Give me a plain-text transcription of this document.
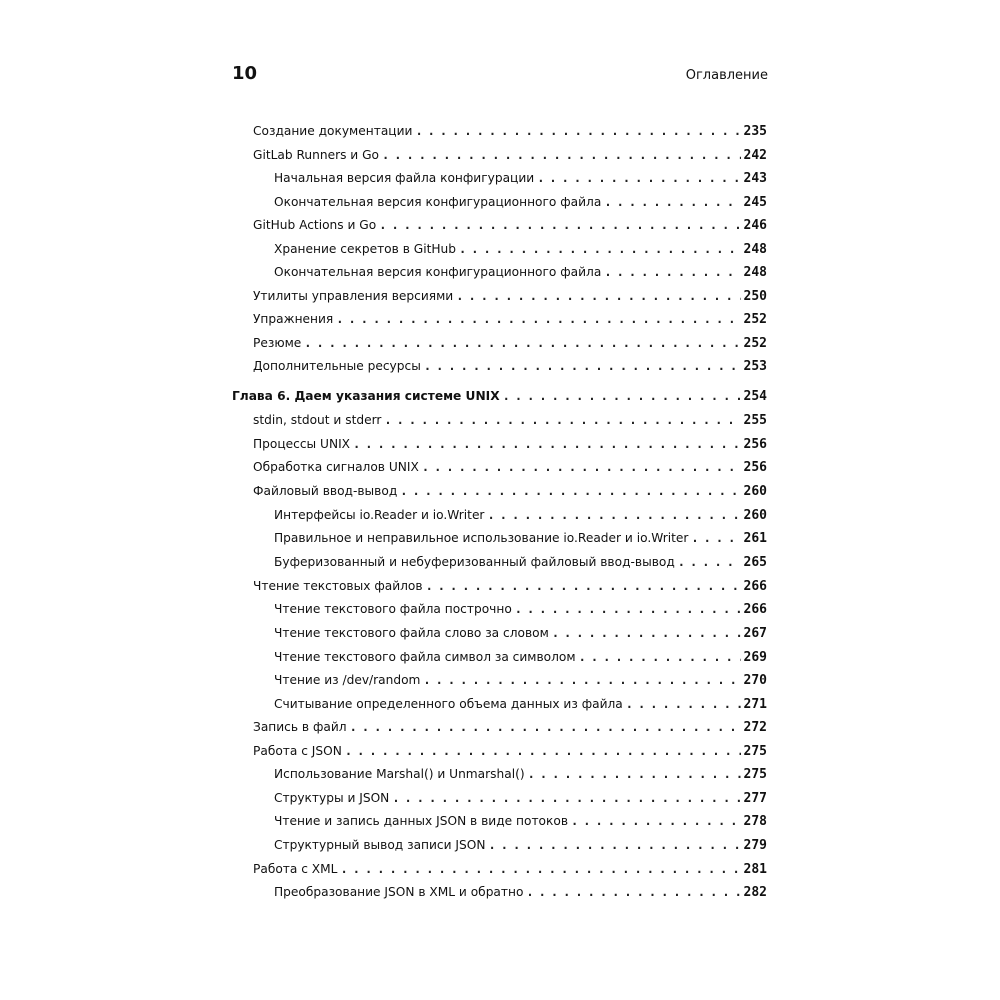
10	Оглавление
Создание документации . . .	235
GitLab Runners и Go . . .	242
Начальная версия файла конфигурации . . .	243
Окончательная версия конфигурационного файла . . .	245
GitHub Actions и Go . . .	246
Хранение секретов в GitHub . . .	248
Окончательная версия конфигурационного файла . . .	248
Утилиты управления версиями . . .	250
Упражнения . . .	252
Резюме . . .	252
Дополнительные ресурсы . . .	253
Глава 6. Даем указания системе UNIX . . .	254
stdin, stdout и stderr . . .	255
Процессы UNIX . . .	256
Обработка сигналов UNIX . . .	256
Файловый ввод-вывод . . .	260
Интерфейсы io.Reader и io.Writer . . .	260
Правильное и неправильное использование io.Reader и io.Writer . . .	261
Буферизованный и небуферизованный файловый ввод-вывод . . .	265
Чтение текстовых файлов . . .	266
Чтение текстового файла построчно . . .	266
Чтение текстового файла слово за словом . . .	267
Чтение текстового файла символ за символом . . .	269
Чтение из /dev/random . . .	270
Считывание определенного объема данных из файла . . .	271
Запись в файл . . .	272
Работа с JSON . . .	275
Использование Marshal() и Unmarshal() . . .	275
Структуры и JSON . . .	277
Чтение и запись данных JSON в виде потоков . . .	278
Структурный вывод записи JSON . . .	279
Работа с XML . . .	281
Преобразование JSON в XML и обратно . . .	282
